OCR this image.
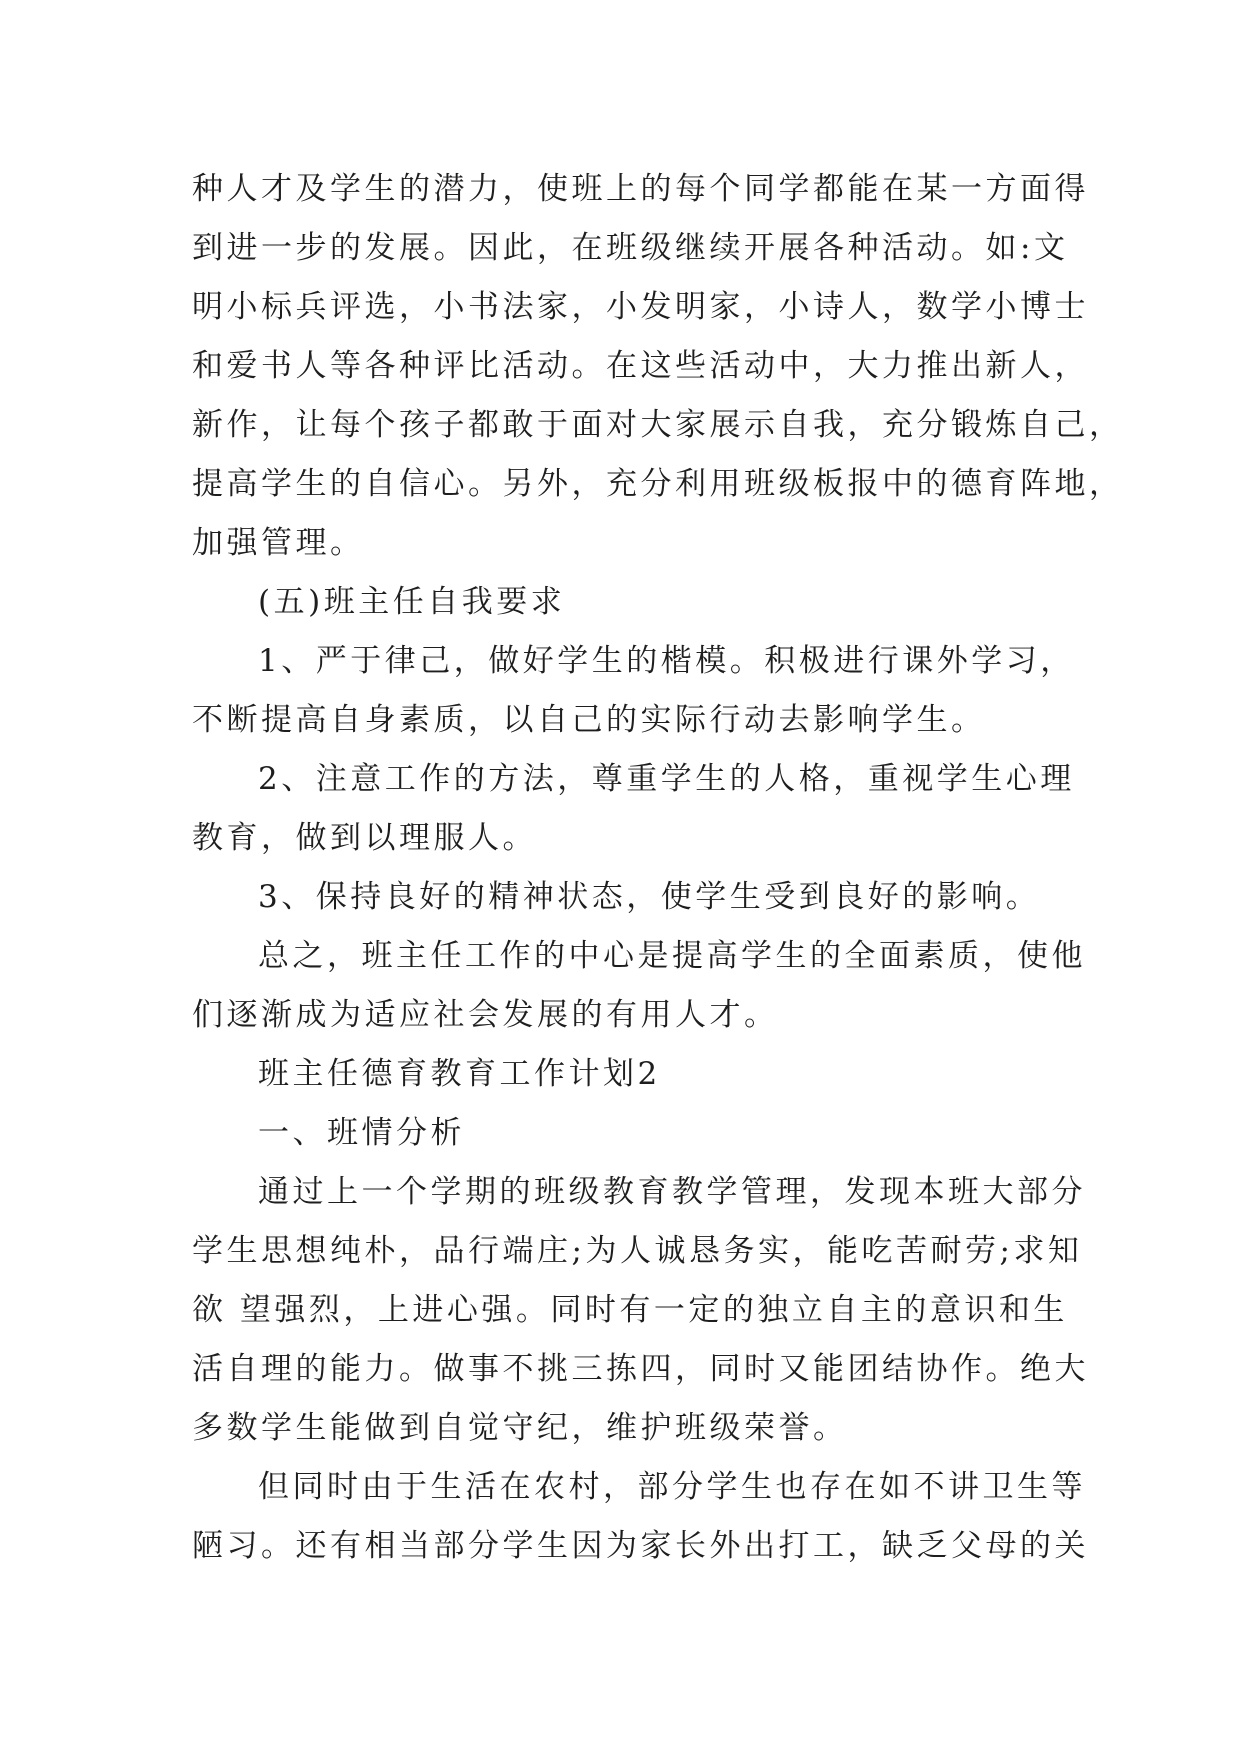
种人才及学生的潜力，使班上的每个同学都能在某一方面得
到进一步的发展。因此，在班级继续开展各种活动。如:文
明小标兵评选，小书法家，小发明家，小诗人，数学小博士
和爱书人等各种评比活动。在这些活动中，大力推出新人，
新作，让每个孩子都敢于面对大家展示自我，充分锻炼自己，
提高学生的自信心。另外，充分利用班级板报中的德育阵地，
加强管理。
(五)班主任自我要求
1、严于律己，做好学生的楷模。积极进行课外学习，
不断提高自身素质，以自己的实际行动去影响学生。
2、注意工作的方法，尊重学生的人格，重视学生心理
教育，做到以理服人。
3、保持良好的精神状态，使学生受到良好的影响。
总之，班主任工作的中心是提高学生的全面素质，使他
们逐渐成为适应社会发展的有用人才。
班主任德育教育工作计划2
一、班情分析
通过上一个学期的班级教育教学管理，发现本班大部分
学生思想纯朴，品行端庄;为人诚恳务实，能吃苦耐劳;求知
欲 望强烈，上进心强。同时有一定的独立自主的意识和生
活自理的能力。做事不挑三拣四，同时又能团结协作。绝大
多数学生能做到自觉守纪，维护班级荣誉。
但同时由于生活在农村，部分学生也存在如不讲卫生等
陋习。还有相当部分学生因为家长外出打工，缺乏父母的关
